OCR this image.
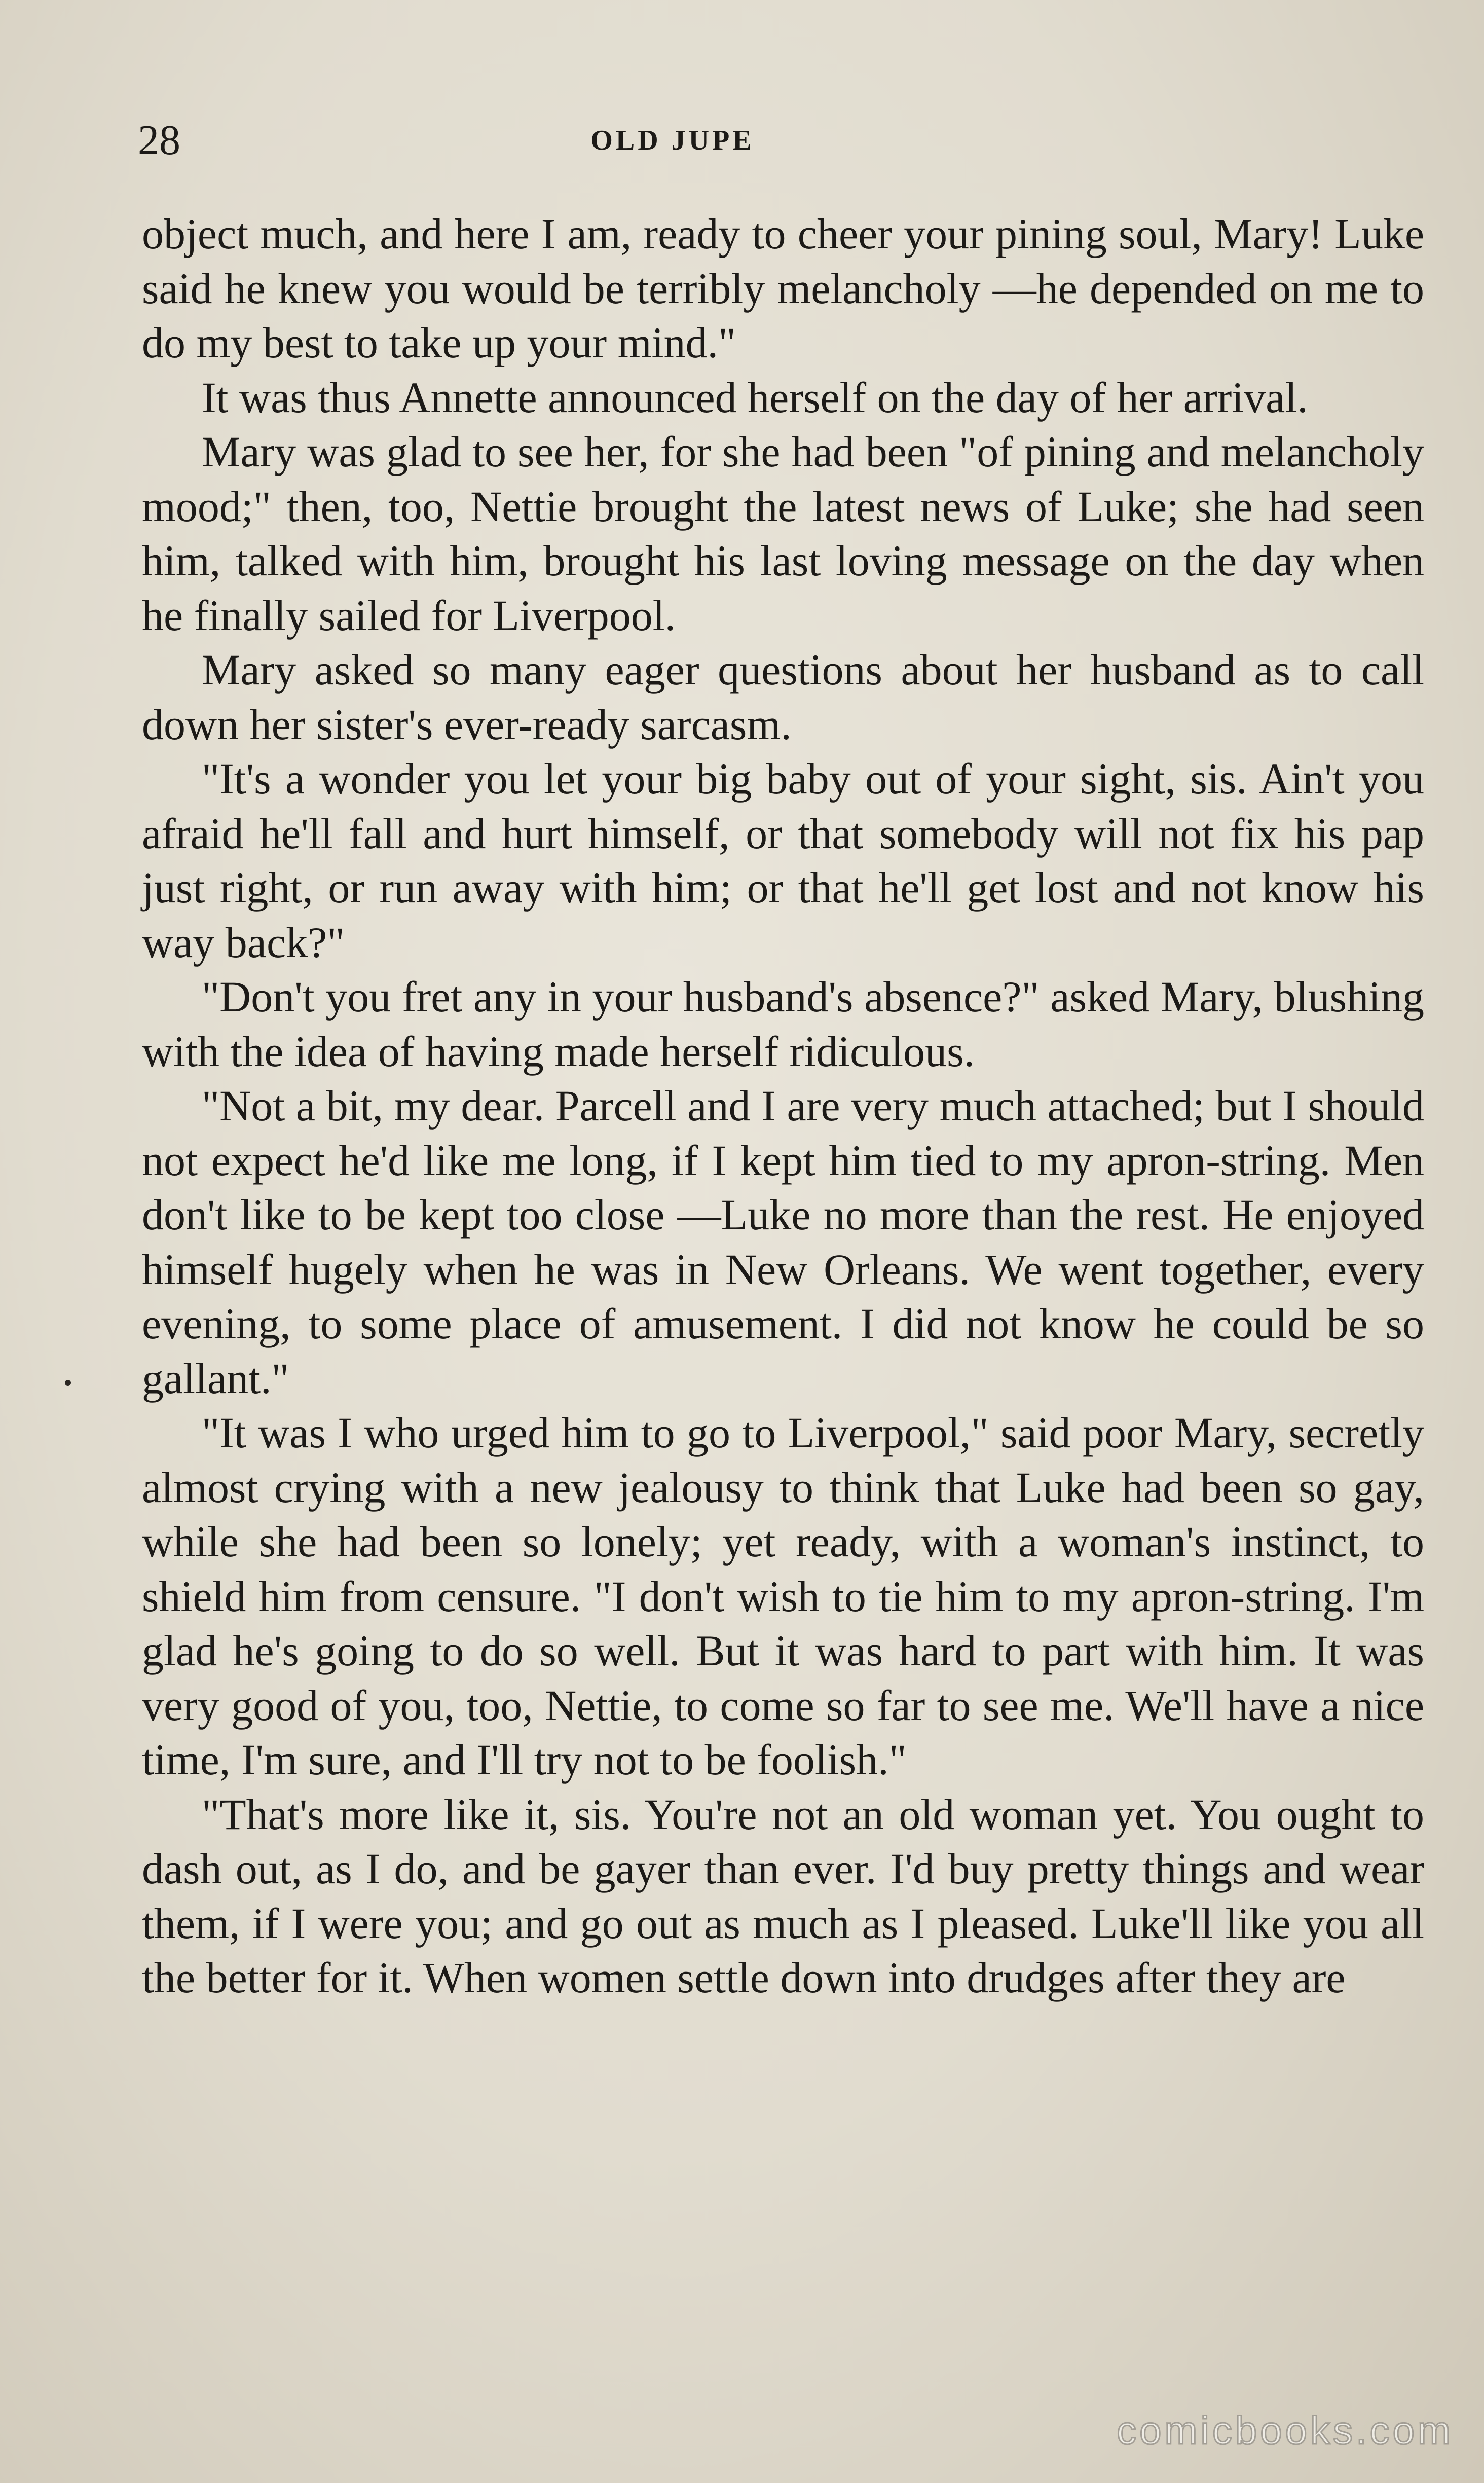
28	OLD JUPE

object much, and here I am, ready to cheer your pining soul, Mary! Luke said he knew you would be terribly melancholy —he depended on me to do my best to take up your mind."

It was thus Annette announced herself on the day of her arrival.

Mary was glad to see her, for she had been "of pining and melancholy mood;" then, too, Nettie brought the latest news of Luke; she had seen him, talked with him, brought his last loving message on the day when he finally sailed for Liverpool.

Mary asked so many eager questions about her husband as to call down her sister's ever-ready sarcasm.

"It's a wonder you let your big baby out of your sight, sis. Ain't you afraid he'll fall and hurt himself, or that somebody will not fix his pap just right, or run away with him; or that he'll get lost and not know his way back?"

"Don't you fret any in your husband's absence?" asked Mary, blushing with the idea of having made herself ridiculous.

"Not a bit, my dear. Parcell and I are very much attached; but I should not expect he'd like me long, if I kept him tied to my apron-string. Men don't like to be kept too close —Luke no more than the rest. He enjoyed himself hugely when he was in New Orleans. We went together, every evening, to some place of amusement. I did not know he could be so gallant."

"It was I who urged him to go to Liverpool," said poor Mary, secretly almost crying with a new jealousy to think that Luke had been so gay, while she had been so lonely; yet ready, with a woman's instinct, to shield him from censure. "I don't wish to tie him to my apron-string. I'm glad he's going to do so well. But it was hard to part with him. It was very good of you, too, Nettie, to come so far to see me. We'll have a nice time, I'm sure, and I'll try not to be foolish."

"That's more like it, sis. You're not an old woman yet. You ought to dash out, as I do, and be gayer than ever. I'd buy pretty things and wear them, if I were you; and go out as much as I pleased. Luke'll like you all the better for it. When women settle down into drudges after they are

comicbooks.com
